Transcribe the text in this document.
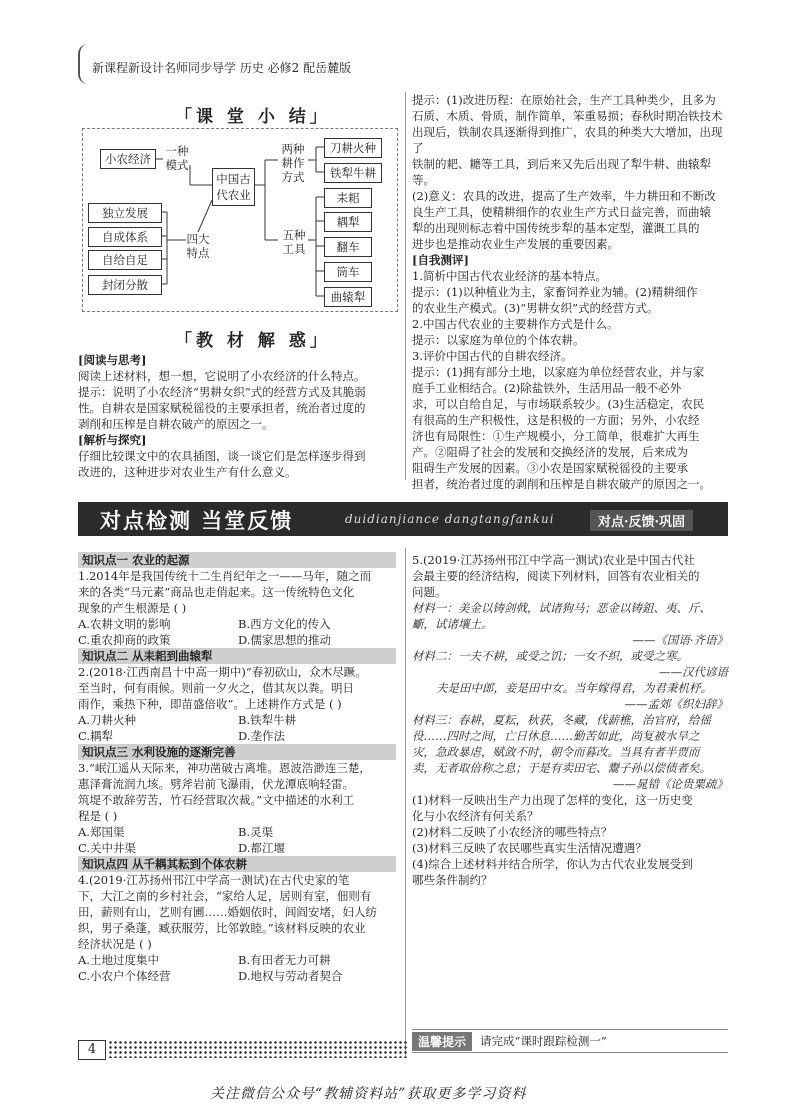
新课程新设计名师同步导学 历史 必修2 配岳麓版
「课 堂 小 结」
小农经济
一种
模式
中国古
代农业
两种
耕作
方式
刀耕火种
铁犁牛耕
五种
工具
耒耜
耦犁
翻车
筒车
曲辕犁
四大
特点
独立发展
自成体系
自给自足
封闭分散
「教 材 解 惑」
[阅读与思考]
阅读上述材料，想一想，它说明了小农经济的什么特点。
提示：说明了小农经济“男耕女织”式的经营方式及其脆弱
性。自耕农是国家赋税徭役的主要承担者，统治者过度的
剥削和压榨是自耕农破产的原因之一。
[解析与探究]
仔细比较课文中的农具插图，谈一谈它们是怎样逐步得到
改进的，这种进步对农业生产有什么意义。
提示：(1)改进历程：在原始社会，生产工具种类少，且多为
石质、木质、骨质，制作简单，笨重易损；春秋时期冶铁技术
出现后，铁制农具逐渐得到推广，农具的种类大大增加，出现了
铁制的耙、耱等工具，到后来又先后出现了犁牛耕、曲辕犁等。
(2)意义：农具的改进，提高了生产效率，牛力耕田和不断改
良生产工具，使精耕细作的农业生产方式日益完善，而曲辕
犁的出现则标志着中国传统步犁的基本定型，灌溉工具的
进步也是推动农业生产发展的重要因素。
[自我测评]
1.简析中国古代农业经济的基本特点。
提示：(1)以种植业为主，家畜饲养业为辅。(2)精耕细作
的农业生产模式。(3)“男耕女织”式的经营方式。
2.中国古代农业的主要耕作方式是什么。
提示：以家庭为单位的个体农耕。
3.评价中国古代的自耕农经济。
提示：(1)拥有部分土地，以家庭为单位经营农业，并与家
庭手工业相结合。(2)除盐铁外，生活用品一般不必外
求，可以自给自足，与市场联系较少。(3)生活稳定，农民
有很高的生产积极性，这是积极的一方面；另外，小农经
济也有局限性：①生产规模小，分工简单，很难扩大再生
产。②阻碍了社会的发展和交换经济的发展，后来成为
阻碍生产发展的因素。③小农是国家赋税徭役的主要承
担者，统治者过度的剥削和压榨是自耕农破产的原因之一。
对点检测 当堂反馈	duidianjiance dangtangfankui	对点·反馈·巩固
知识点一 农业的起源
1.2014年是我国传统十二生肖纪年之一——马年，随之而
来的各类“马元素”商品也走俏起来。这一传统特色文化
现象的产生根源是 ( )
A.农耕文明的影响	B.西方文化的传入
C.重农抑商的政策	D.儒家思想的推动
知识点二 从耒耜到曲辕犁
2.(2018·江西南昌十中高一期中)“春初砍山，众木尽蹶。
至当时，何有雨候。则前一夕火之，借其灰以粪。明日
雨作，乘热下种，即苗盛倍收”。上述耕作方式是 ( )
A.刀耕火种	B.铁犁牛耕
C.耦犁	D.垄作法
知识点三 水利设施的逐渐完善
3.“岷江遥从天际来，神功凿破古离堆。恩波浩渺连三楚，
惠泽膏流润九垓。劈斧岩前飞瀑雨，伏龙潭底响轻雷。
筑堤不敢辞劳苦，竹石经营取次裁。”文中描述的水利工
程是 ( )
A.郑国渠	B.灵渠
C.关中井渠	D.都江堰
知识点四 从千耦其耘到个体农耕
4.(2019·江苏扬州邗江中学高一测试)在古代史家的笔
下，大江之南的乡村社会，“家给人足，居则有室，佃则有
田，薪则有山，艺则有圃……婚姻依时，闾阎安堵，妇人纺
织，男子桑蓬，臧获服劳，比邻敦睦。”该材料反映的农业
经济状况是 ( )
A.土地过度集中	B.有田者无力可耕
C.小农户个体经营	D.地权与劳动者契合
5.(2019·江苏扬州邗江中学高一测试)农业是中国古代社
会最主要的经济结构，阅读下列材料，回答有农业相关的
问题。
材料一：美金以铸剑戟，试诸狗马；恶金以铸鉏、夷、斤、
斸，试诸壤土。
——《国语·齐语》
材料二：一夫不耕，或受之饥；一女不织，或受之寒。
——汉代谚语
夫是田中郎，妾是田中女。当年嫁得君，为君秉机杼。
——孟郊《织妇辞》
材料三：春耕，夏耘，秋获，冬藏，伐薪樵，治官府，给徭
役……四时之间，亡日休息……勤苦如此，尚复被水旱之
灾，急政暴虐，赋敛不时，朝令而暮改。当具有者半贾而
卖，无者取倍称之息；于是有卖田宅、鬻子孙以偿债者矣。
——晁错《论贵粟疏》
(1)材料一反映出生产力出现了怎样的变化，这一历史变
化与小农经济有何关系？
(2)材料二反映了小农经济的哪些特点？
(3)材料三反映了农民哪些真实生活情况遭遇？
(4)综合上述材料并结合所学，你认为古代农业发展受到
哪些条件制约？
温馨提示	请完成“课时跟踪检测一”
4
关注微信公众号“教辅资料站”获取更多学习资料
